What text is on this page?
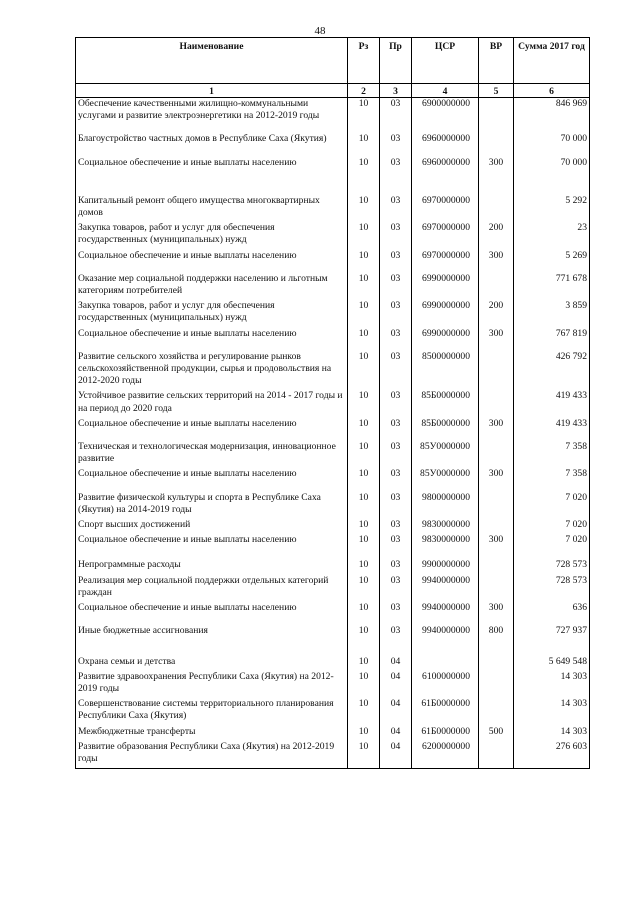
48
Наименование	Рз	Пр	ЦСР	ВР	Сумма 2017 год
1	2	3	4	5	6
Обеспечение качественными жилищно-коммунальными услугами и развитие электроэнергетики на 2012-2019 годы	10	03	6900000000		846 969
Благоустройство частных домов в Республике Саха (Якутия)	10	03	6960000000		70 000
Социальное обеспечение и иные выплаты населению	10	03	6960000000	300	70 000
Капитальный ремонт общего имущества многоквартирных домов	10	03	6970000000		5 292
Закупка товаров, работ и услуг для обеспечения государственных (муниципальных) нужд	10	03	6970000000	200	23
Социальное обеспечение и иные выплаты населению	10	03	6970000000	300	5 269
Оказание мер социальной поддержки населению и льготным категориям потребителей	10	03	6990000000		771 678
Закупка товаров, работ и услуг для обеспечения государственных (муниципальных) нужд	10	03	6990000000	200	3 859
Социальное обеспечение и иные выплаты населению	10	03	6990000000	300	767 819
Развитие сельского хозяйства и регулирование рынков сельскохозяйственной продукции, сырья и продовольствия на 2012-2020 годы	10	03	8500000000		426 792
Устойчивое развитие сельских территорий на 2014 - 2017 годы и на период до 2020 года	10	03	85Б0000000		419 433
Социальное обеспечение и иные выплаты населению	10	03	85Б0000000	300	419 433
Техническая и технологическая модернизация, инновационное развитие	10	03	85У0000000		7 358
Социальное обеспечение и иные выплаты населению	10	03	85У0000000	300	7 358
Развитие физической культуры и спорта в Республике Саха (Якутия) на 2014-2019 годы	10	03	9800000000		7 020
Спорт высших достижений	10	03	9830000000		7 020
Социальное обеспечение и иные выплаты населению	10	03	9830000000	300	7 020
Непрограммные расходы	10	03	9900000000		728 573
Реализация мер социальной поддержки отдельных категорий граждан	10	03	9940000000		728 573
Социальное обеспечение и иные выплаты населению	10	03	9940000000	300	636
Иные бюджетные ассигнования	10	03	9940000000	800	727 937
Охрана семьи и детства	10	04			5 649 548
Развитие здравоохранения Республики Саха (Якутия) на 2012-2019 годы	10	04	6100000000		14 303
Совершенствование системы территориального планирования Республики Саха (Якутия)	10	04	61Б0000000		14 303
Межбюджетные трансферты	10	04	61Б0000000	500	14 303
Развитие образования Республики Саха (Якутия) на 2012-2019 годы	10	04	6200000000		276 603
